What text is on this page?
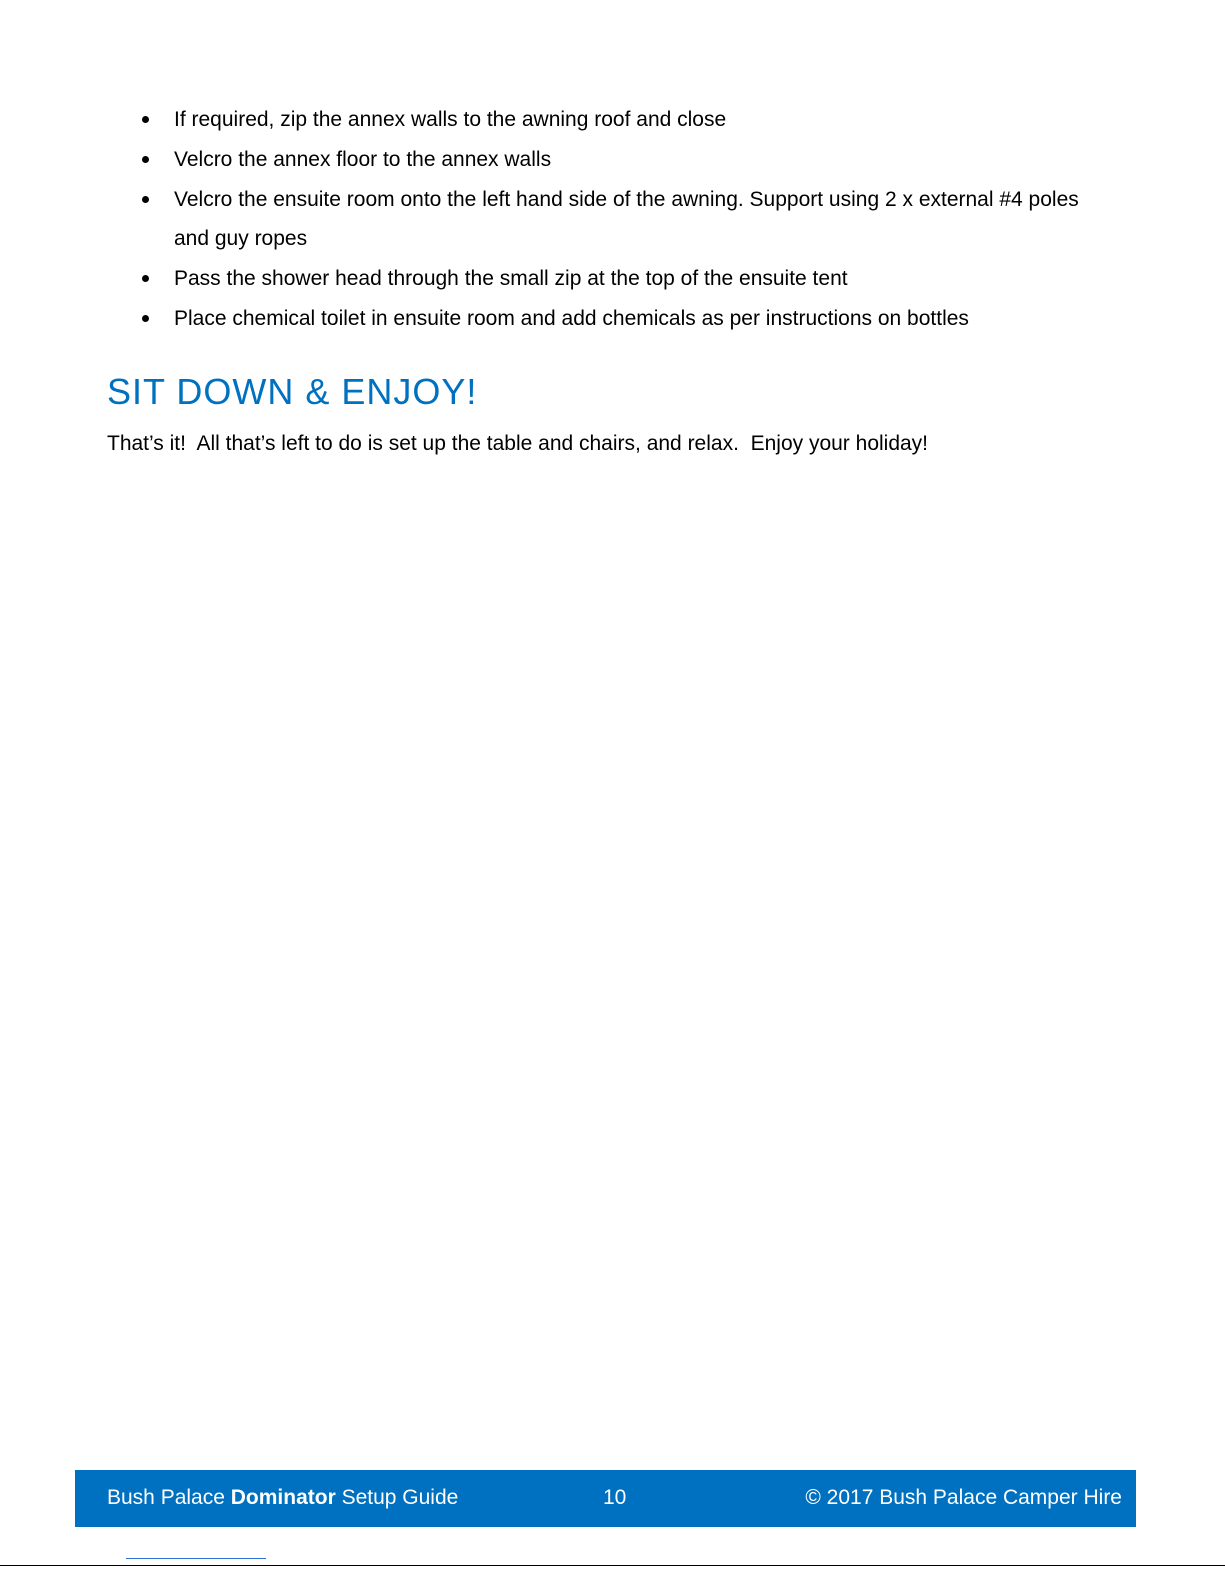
If required, zip the annex walls to the awning roof and close
Velcro the annex floor to the annex walls
Velcro the ensuite room onto the left hand side of the awning. Support using 2 x external #4 poles and guy ropes
Pass the shower head through the small zip at the top of the ensuite tent
Place chemical toilet in ensuite room and add chemicals as per instructions on bottles
SIT DOWN & ENJOY!

That’s it!  All that’s left to do is set up the table and chairs, and relax.  Enjoy your holiday!

Bush Palace Dominator Setup Guide	10	© 2017 Bush Palace Camper Hire
